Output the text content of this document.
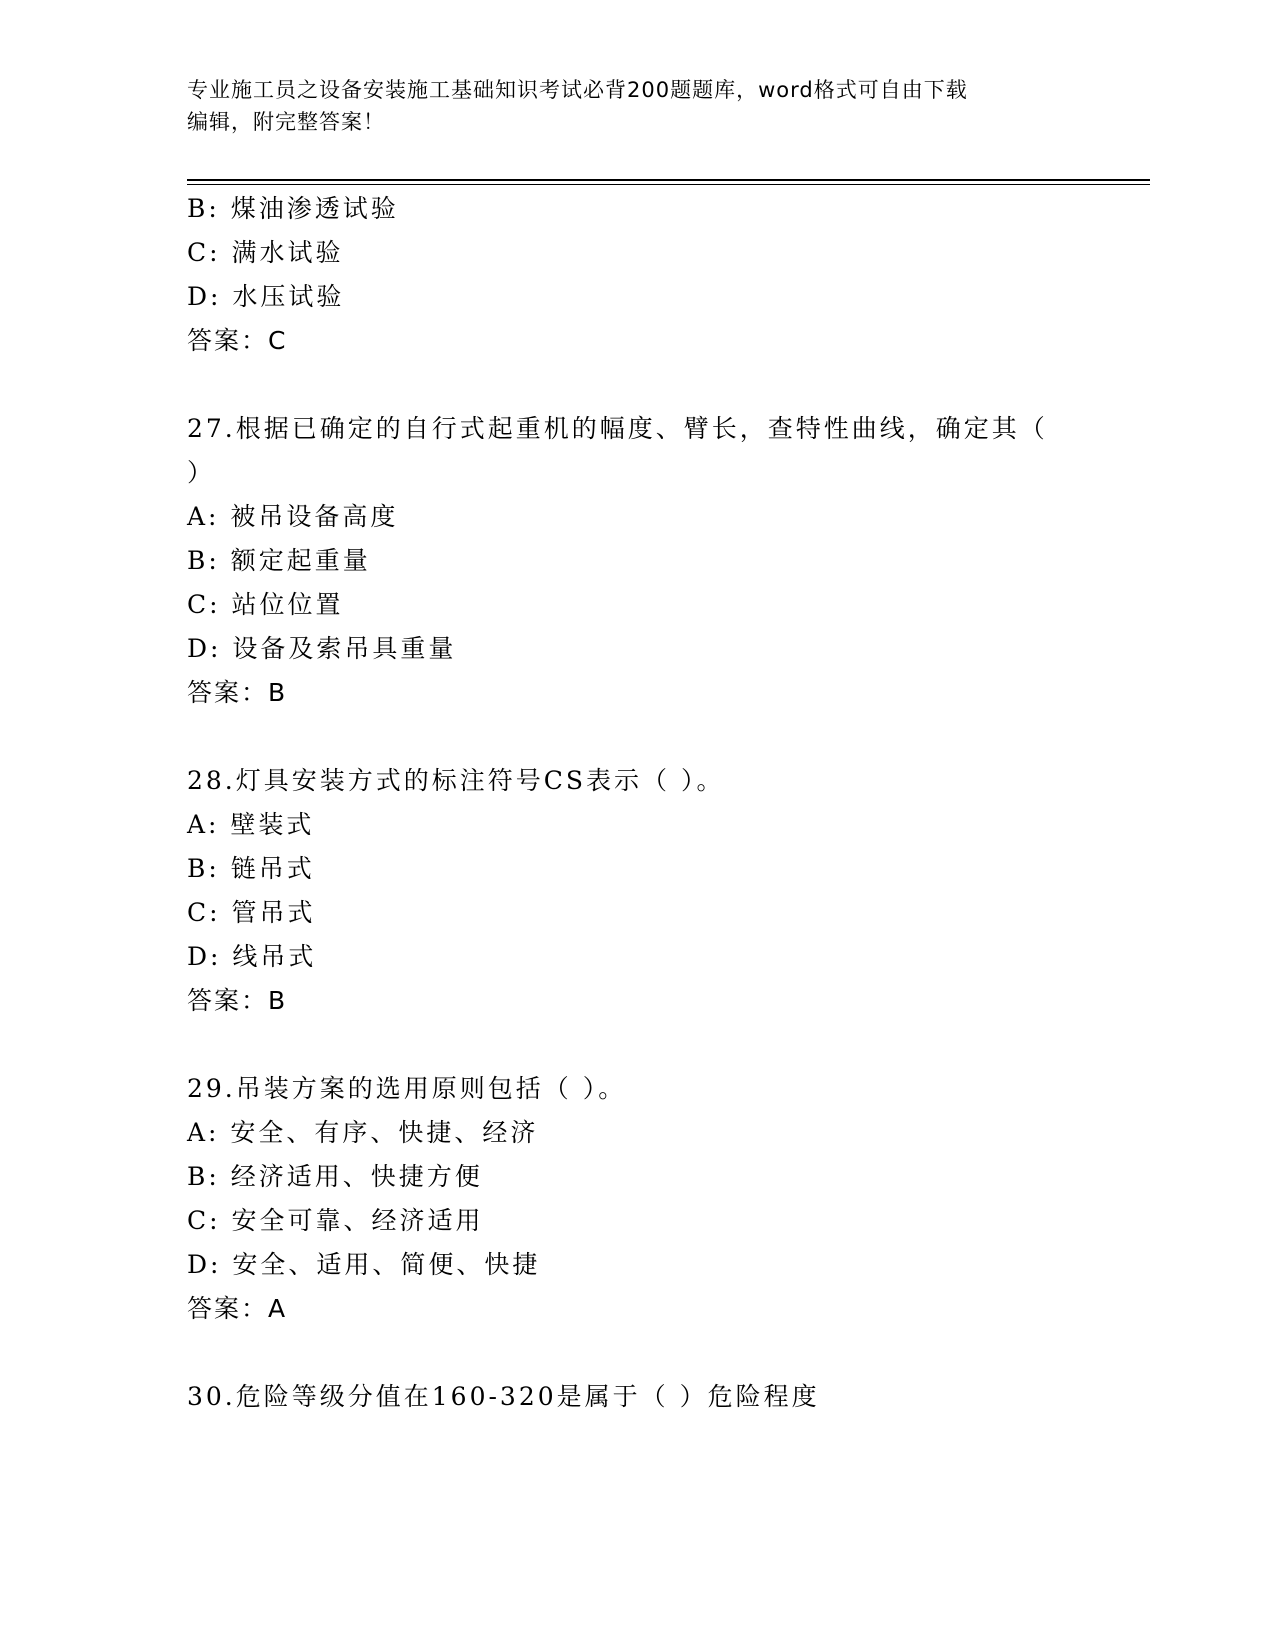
专业施工员之设备安装施工基础知识考试必背200题题库，word格式可自由下载
编辑，附完整答案！
B: 煤油渗透试验
C: 满水试验
D: 水压试验
答案：C
27.根据已确定的自行式起重机的幅度、臂长，查特性曲线，确定其（
）
A: 被吊设备高度
B: 额定起重量
C: 站位位置
D: 设备及索吊具重量
答案：B
28.灯具安装方式的标注符号CS表示（ ）。
A: 壁装式
B: 链吊式
C: 管吊式
D: 线吊式
答案：B
29.吊装方案的选用原则包括（ ）。
A: 安全、有序、快捷、经济
B: 经济适用、快捷方便
C: 安全可靠、经济适用
D: 安全、适用、简便、快捷
答案：A
30.危险等级分值在160-320是属于（ ）危险程度
